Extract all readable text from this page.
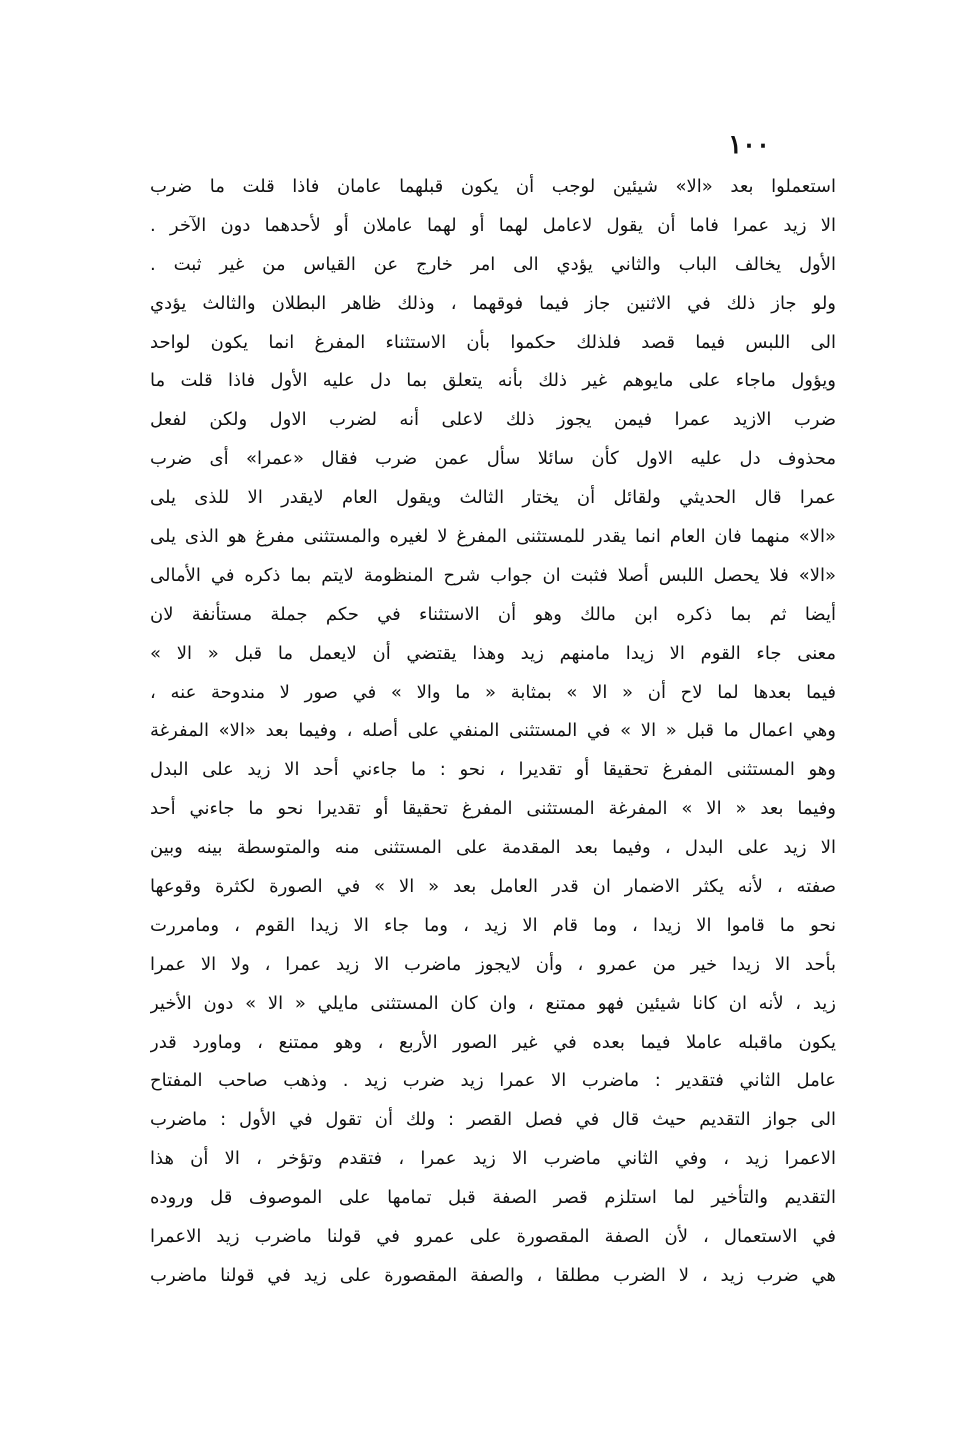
١٠٠
استعملوا بعد «الا» شيئين لوجب أن يكون قبلهما عامان فاذا قلت ما ضرب
الا زيد عمرا فاما أن يقول لاعامل لهما أو لهما عاملان أو لأحدهما دون الآخر .
الأول يخالف الباب والثاني يؤدي الى امر خارج عن القياس من غير ثبت .
ولو جاز ذلك في الاثنين جاز فيما فوقهما ، وذلك ظاهر البطلان والثالث يؤدي
الى اللبس فيما قصد فلذلك حكموا بأن الاستثناء المفرغ انما يكون لواحد
ويؤول ماجاء على مايوهم غير ذلك بأنه يتعلق بما دل عليه الأول فاذا قلت ما
ضرب الازيد عمرا فيمن يجوز ذلك لاعلى أنه لضرب الاول ولكن لفعل
محذوف دل عليه الاول كأن سائلا سأل عمن ضرب فقال «عمرا» أى ضرب
عمرا قال الحديثي ولقائل أن يختار الثالث ويقول العام لايقدر الا للذى يلى
«الا» منهما فان العام انما يقدر للمستثنى المفرغ لا لغيره والمستثنى مفرغ هو الذى يلى
«الا» فلا يحصل اللبس أصلا فثبت ان جواب شرح المنظومة لايتم بما ذكره في الأمالى
أيضا ثم بما ذكره ابن مالك وهو أن الاستثناء في حكم جملة مستأنفة لان
معنى جاء القوم الا زيدا مامنهم زيد وهذا يقتضي أن لايعمل ما قبل « الا »
فيما بعدها لما لاح أن « الا » بمثابة « ما والا » في صور لا مندوحة عنه ،
وهي اعمال ما قبل « الا » في المستثنى المنفي على أصله ، وفيما بعد «الا» المفرغة
وهو المستثنى المفرغ تحقيقا أو تقديرا ، نحو : ما جاءني أحد الا زيد على البدل
وفيما بعد « الا » المفرغة المستثنى المفرغ تحقيقا أو تقديرا نحو ما جاءني أحد
الا زيد على البدل ، وفيما بعد المقدمة على المستثنى منه والمتوسطة بينه وبين
صفته ، لأنه يكثر الاضمار ان قدر العامل بعد « الا » في الصورة لكثرة وقوعها
نحو ما قاموا الا زيدا ، وما قام الا زيد ، وما جاء الا زيدا القوم ، ومامررت
بأحد الا زيدا خير من عمرو ، وأن لايجوز ماضرب الا زيد عمرا ، ولا الا عمرا
زيد ، لأنه ان كانا شيئين فهو ممتنع ، وان كان المستثنى مايلي « الا » دون الأخير
يكون ماقبله عاملا فيما بعده في غير الصور الأربع ، وهو ممتنع ، وماورد قدر
عامل الثاني فتقدير : ماضرب الا عمرا زيد ضرب زيد . وذهب صاحب المفتاح
الى جواز التقديم حيث قال في فصل القصر : ولك أن تقول في الأول : ماضرب
الاعمرا زيد ، وفي الثاني ماضرب الا زيد عمرا ، فتقدم وتؤخر ، الا أن هذا
التقديم والتأخير لما استلزم قصر الصفة قبل تمامها على الموصوف قل وروده
في الاستعمال ، لأن الصفة المقصورة على عمرو في قولنا ماضرب زيد الاعمرا
هي ضرب زيد ، لا الضرب مطلقا ، والصفة المقصورة على زيد في قولنا ماضرب
